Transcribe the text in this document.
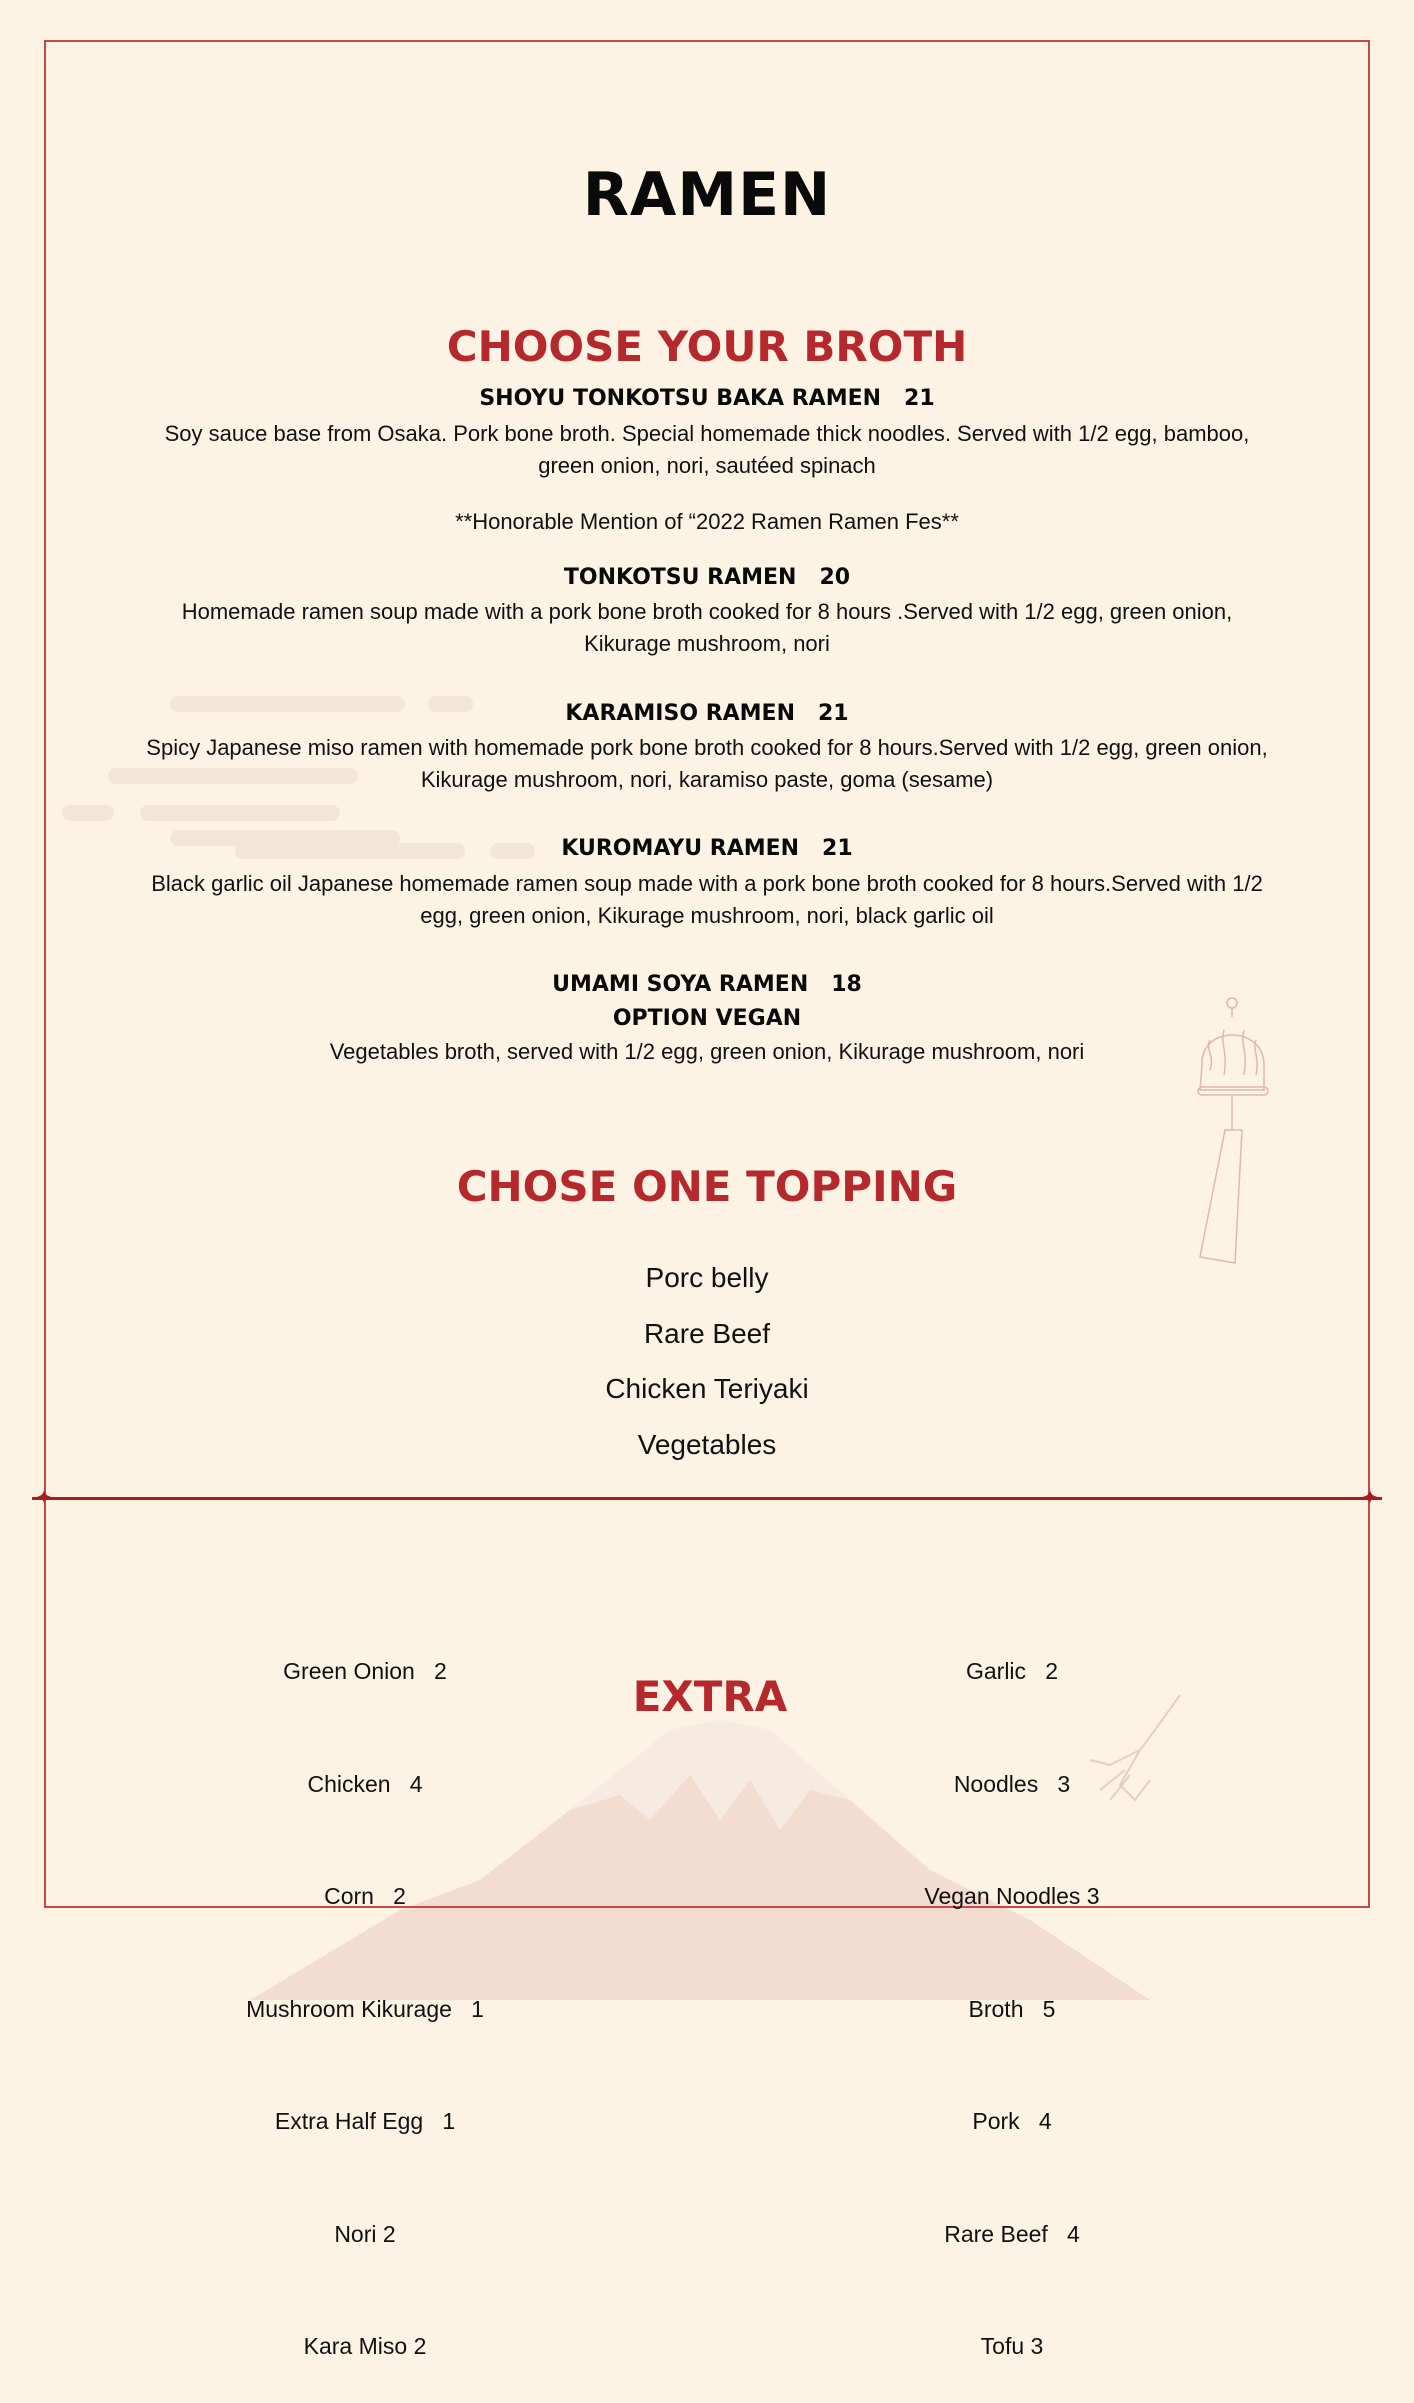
RAMEN
CHOOSE YOUR BROTH
SHOYU TONKOTSU BAKA RAMEN 21
Soy sauce base from Osaka. Pork bone broth. Special homemade thick noodles. Served with 1/2 egg, bamboo, green onion, nori, sautéed spinach
**Honorable Mention of “2022 Ramen Ramen Fes**
TONKOTSU RAMEN 20
Homemade ramen soup made with a pork bone broth cooked for 8 hours .Served with 1/2 egg, green onion, Kikurage mushroom, nori
KARAMISO RAMEN 21
Spicy Japanese miso ramen with homemade pork bone broth cooked for 8 hours.Served with 1/2 egg, green onion, Kikurage mushroom, nori, karamiso paste, goma (sesame)
KUROMAYU RAMEN 21
Black garlic oil Japanese homemade ramen soup made with a pork bone broth cooked for 8 hours.Served with 1/2 egg, green onion, Kikurage mushroom, nori, black garlic oil
UMAMI SOYA RAMEN 18
OPTION VEGAN
Vegetables broth, served with 1/2 egg, green onion, Kikurage mushroom, nori
CHOSE ONE TOPPING
Porc belly
Rare Beef
Chicken Teriyaki
Vegetables
✦	✦
EXTRA

Green Onion 2

Chicken 4

Corn 2

Mushroom Kikurage 1

Extra Half Egg 1

Nori 2

Kara Miso 2

Garlic 2

Noodles 3

Vegan Noodles 3

Broth 5

Pork 4

Rare Beef 4

Tofu 3
